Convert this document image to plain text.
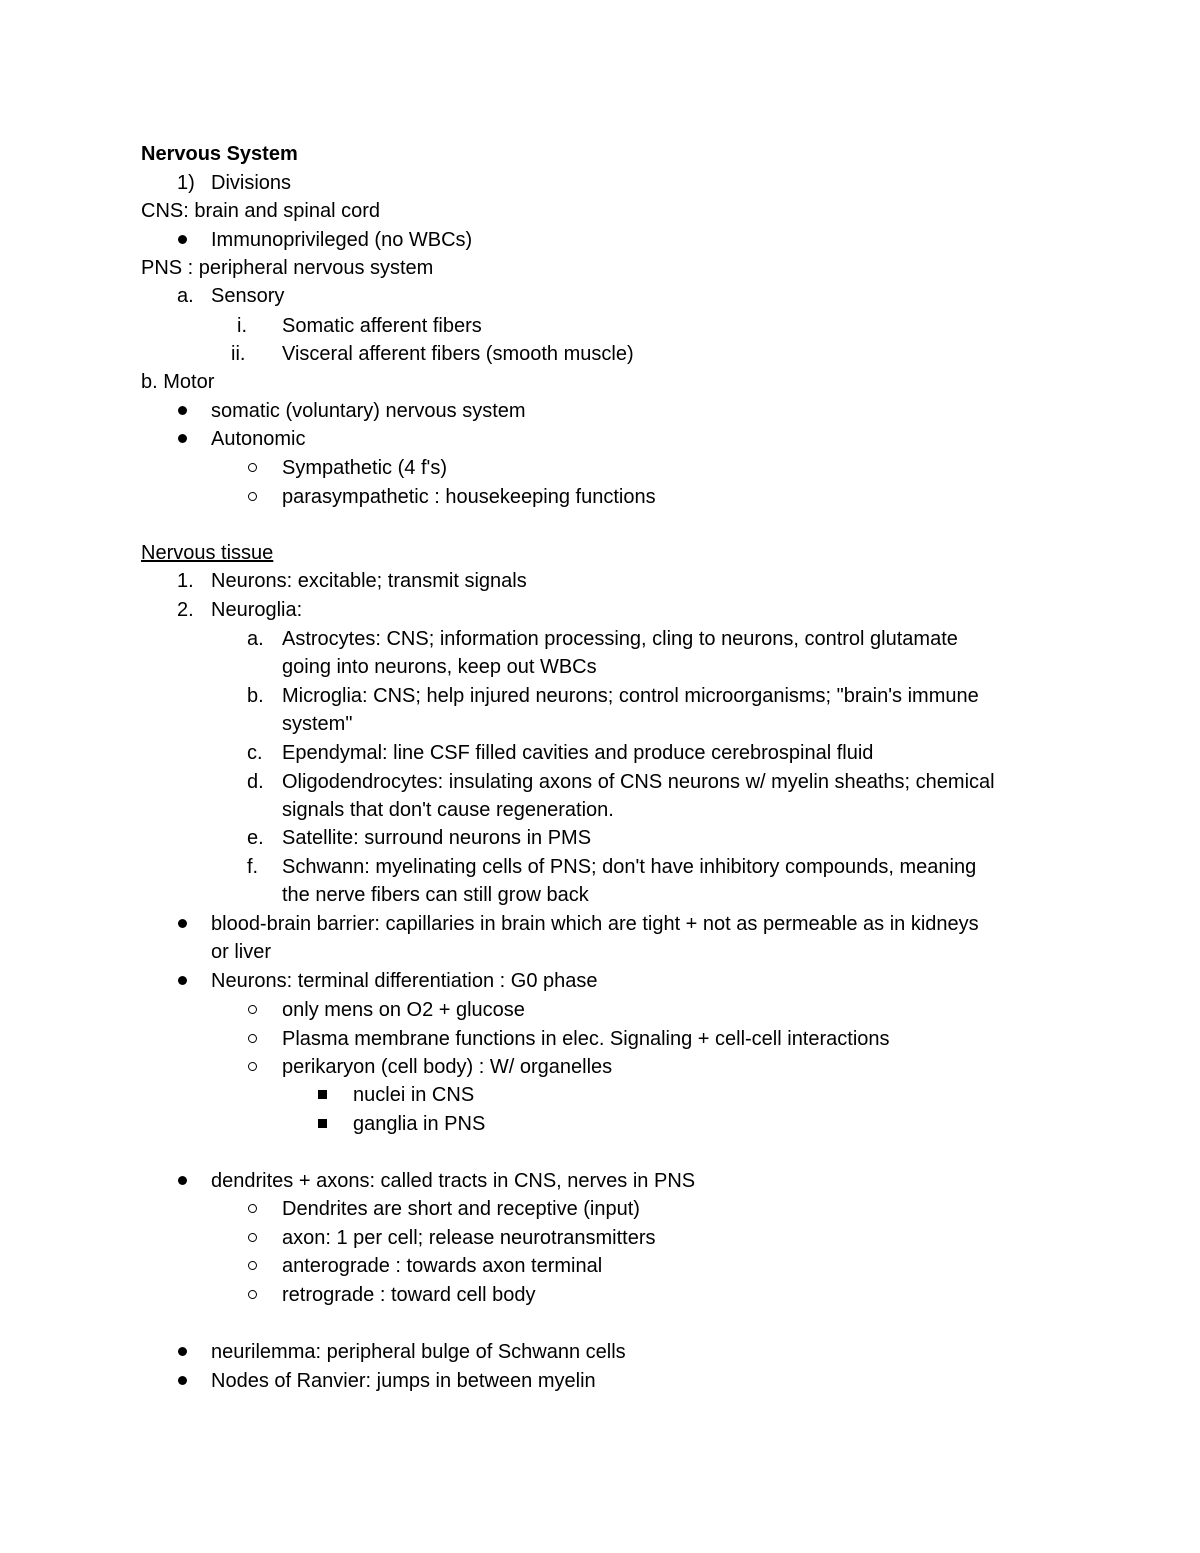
Nervous System
1) Divisions
CNS: brain and spinal cord
Immunoprivileged (no WBCs)
PNS : peripheral nervous system
a. Sensory
i. Somatic afferent fibers
ii. Visceral afferent fibers (smooth muscle)
b. Motor
somatic (voluntary) nervous system
Autonomic
Sympathetic (4 f's)
parasympathetic : housekeeping functions
Nervous tissue
1. Neurons: excitable; transmit signals
2. Neuroglia:
a. Astrocytes: CNS; information processing, cling to neurons, control glutamate
going into neurons, keep out WBCs
b. Microglia: CNS; help injured neurons; control microorganisms; "brain's immune
system"
c. Ependymal: line CSF filled cavities and produce cerebrospinal fluid
d. Oligodendrocytes: insulating axons of CNS neurons w/ myelin sheaths; chemical
signals that don't cause regeneration.
e. Satellite: surround neurons in PMS
f. Schwann: myelinating cells of PNS; don't have inhibitory compounds, meaning
the nerve fibers can still grow back
blood-brain barrier: capillaries in brain which are tight + not as permeable as in kidneys
or liver
Neurons: terminal differentiation : G0 phase
only mens on O2 + glucose
Plasma membrane functions in elec. Signaling + cell-cell interactions
perikaryon (cell body) : W/ organelles
nuclei in CNS
ganglia in PNS
dendrites + axons: called tracts in CNS, nerves in PNS
Dendrites are short and receptive (input)
axon: 1 per cell; release neurotransmitters
anterograde : towards axon terminal
retrograde : toward cell body
neurilemma: peripheral bulge of Schwann cells
Nodes of Ranvier: jumps in between myelin
